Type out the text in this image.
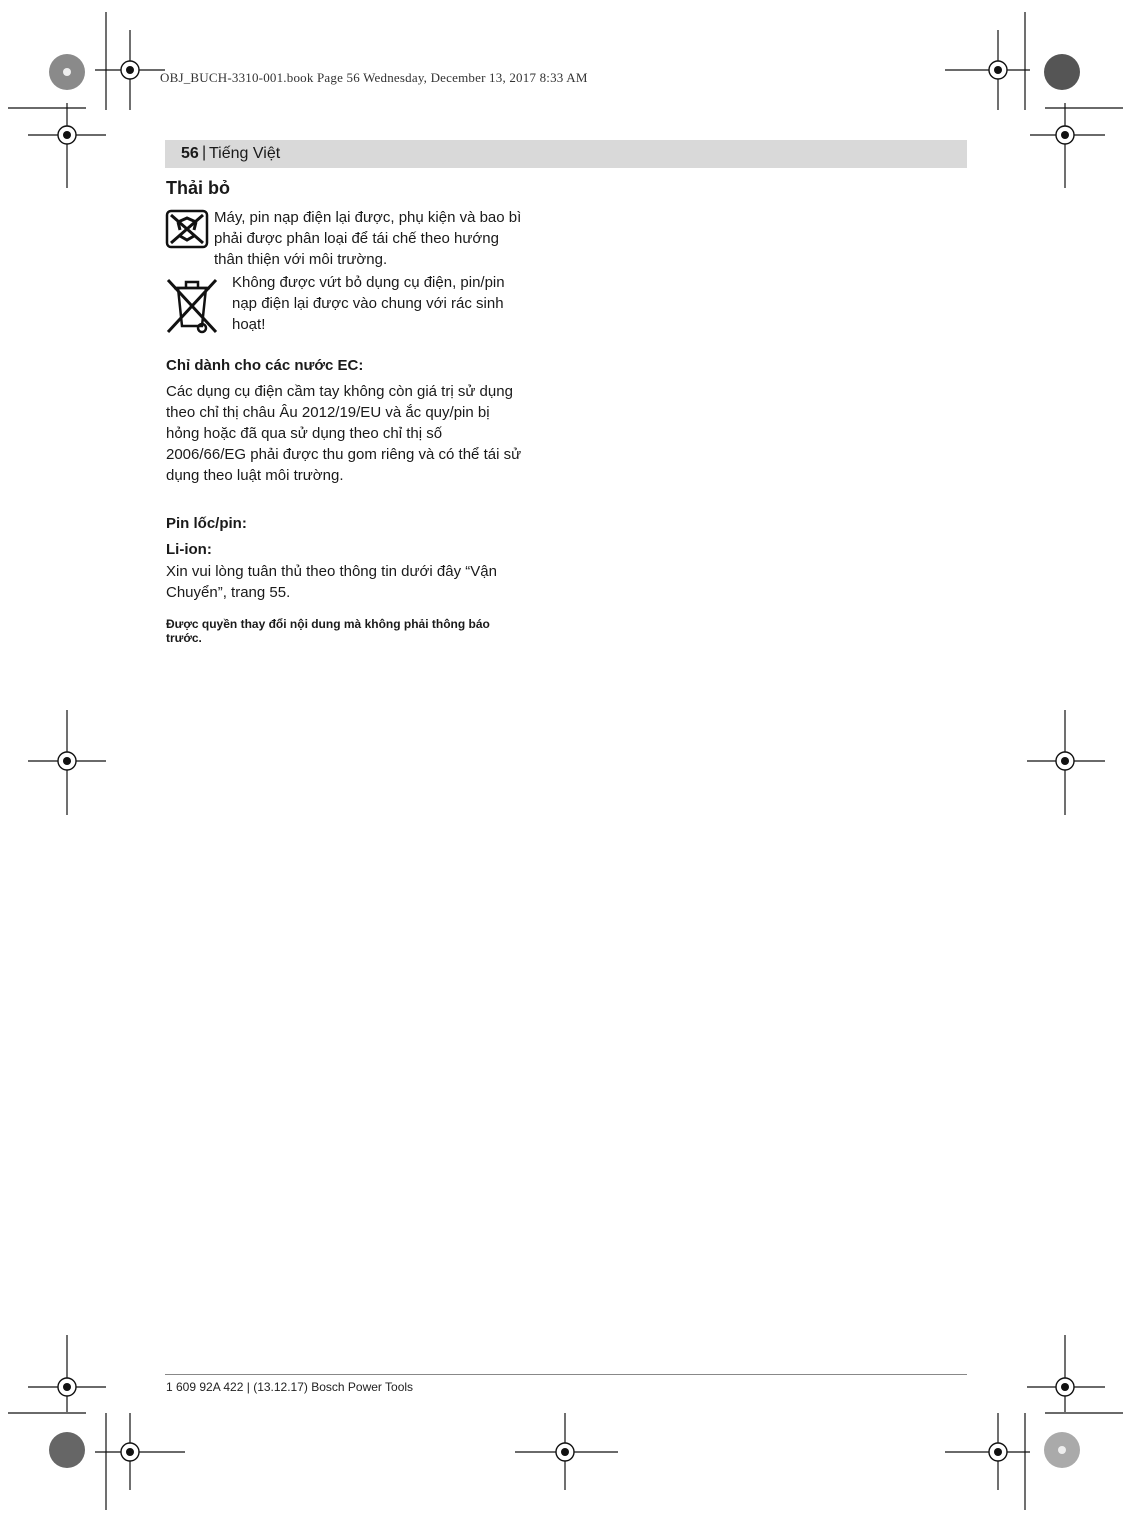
OBJ_BUCH-3310-001.book Page 56 Wednesday, December 13, 2017 8:33 AM
56 | Tiếng Việt
Thải bỏ
Máy, pin nạp điện lại được, phụ kiện và bao bì
phải được phân loại để tái chế theo hướng
thân thiện với môi trường.
Không được vứt bỏ dụng cụ điện, pin/pin
nạp điện lại được vào chung với rác sinh
hoạt!
Chỉ dành cho các nước EC:
Các dụng cụ điện cầm tay không còn giá trị sử dụng
theo chỉ thị châu Âu 2012/19/EU và ắc quy/pin bị
hỏng hoặc đã qua sử dụng theo chỉ thị số
2006/66/EG phải được thu gom riêng và có thể tái sử
dụng theo luật môi trường.
Pin lốc/pin:
Li-ion:
Xin vui lòng tuân thủ theo thông tin dưới đây “Vận
Chuyển”, trang 55.
Được quyền thay đổi nội dung mà không phải thông báo
trước.
1 609 92A 422 | (13.12.17) Bosch Power Tools
